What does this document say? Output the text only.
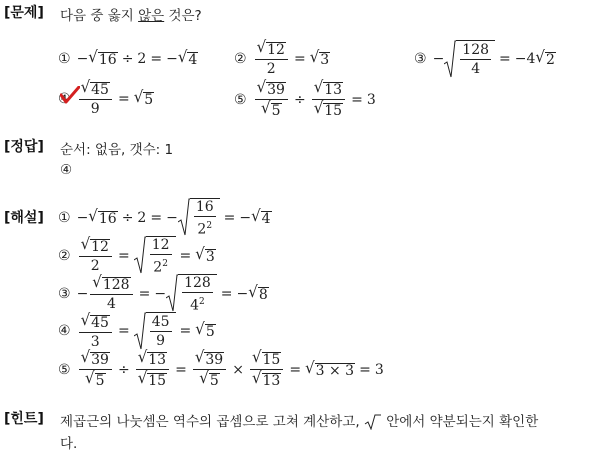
[문제] 다음 중 옳지 않은 것은?
① − √ 16 ÷ 2 = − √ 4	② $\frac{√ 12}{2}$ = √ 3	③ − $\frac{128}{4} = -4$ √ 2
④ $\frac{√ 45}{9}$ = √ 5	⑤ $\frac{√ 39}{√ 5} \div \frac{√ 13}{√ 15} = 3$
[정답] 순서: 없음, 갯수: 1
④
[해설] ① − √ 16 ÷ 2 = − $\frac{16}{2^2}$ = − √ 4
② $\frac{√ 12}{2} = \frac{12}{2^2}$ = √ 3
③ − $\frac{√ 128}{4}$ = − $\frac{128}{4^2}$ = − √ 8
④ $\frac{√ 45}{3} = \frac{45}{9}$ = √ 5
⑤ $\frac{√ 39}{√ 5} \div \frac{√ 13}{√ 15} = \frac{√ 39}{√ 5} \times \frac{√ 15}{√ 13}$ = √ 3 × 3 = 3
[힌트] 제곱근의 나눗셈은 역수의 곱셈으로 고쳐 계산하고, 안에서 약분되는지 확인한
다.
